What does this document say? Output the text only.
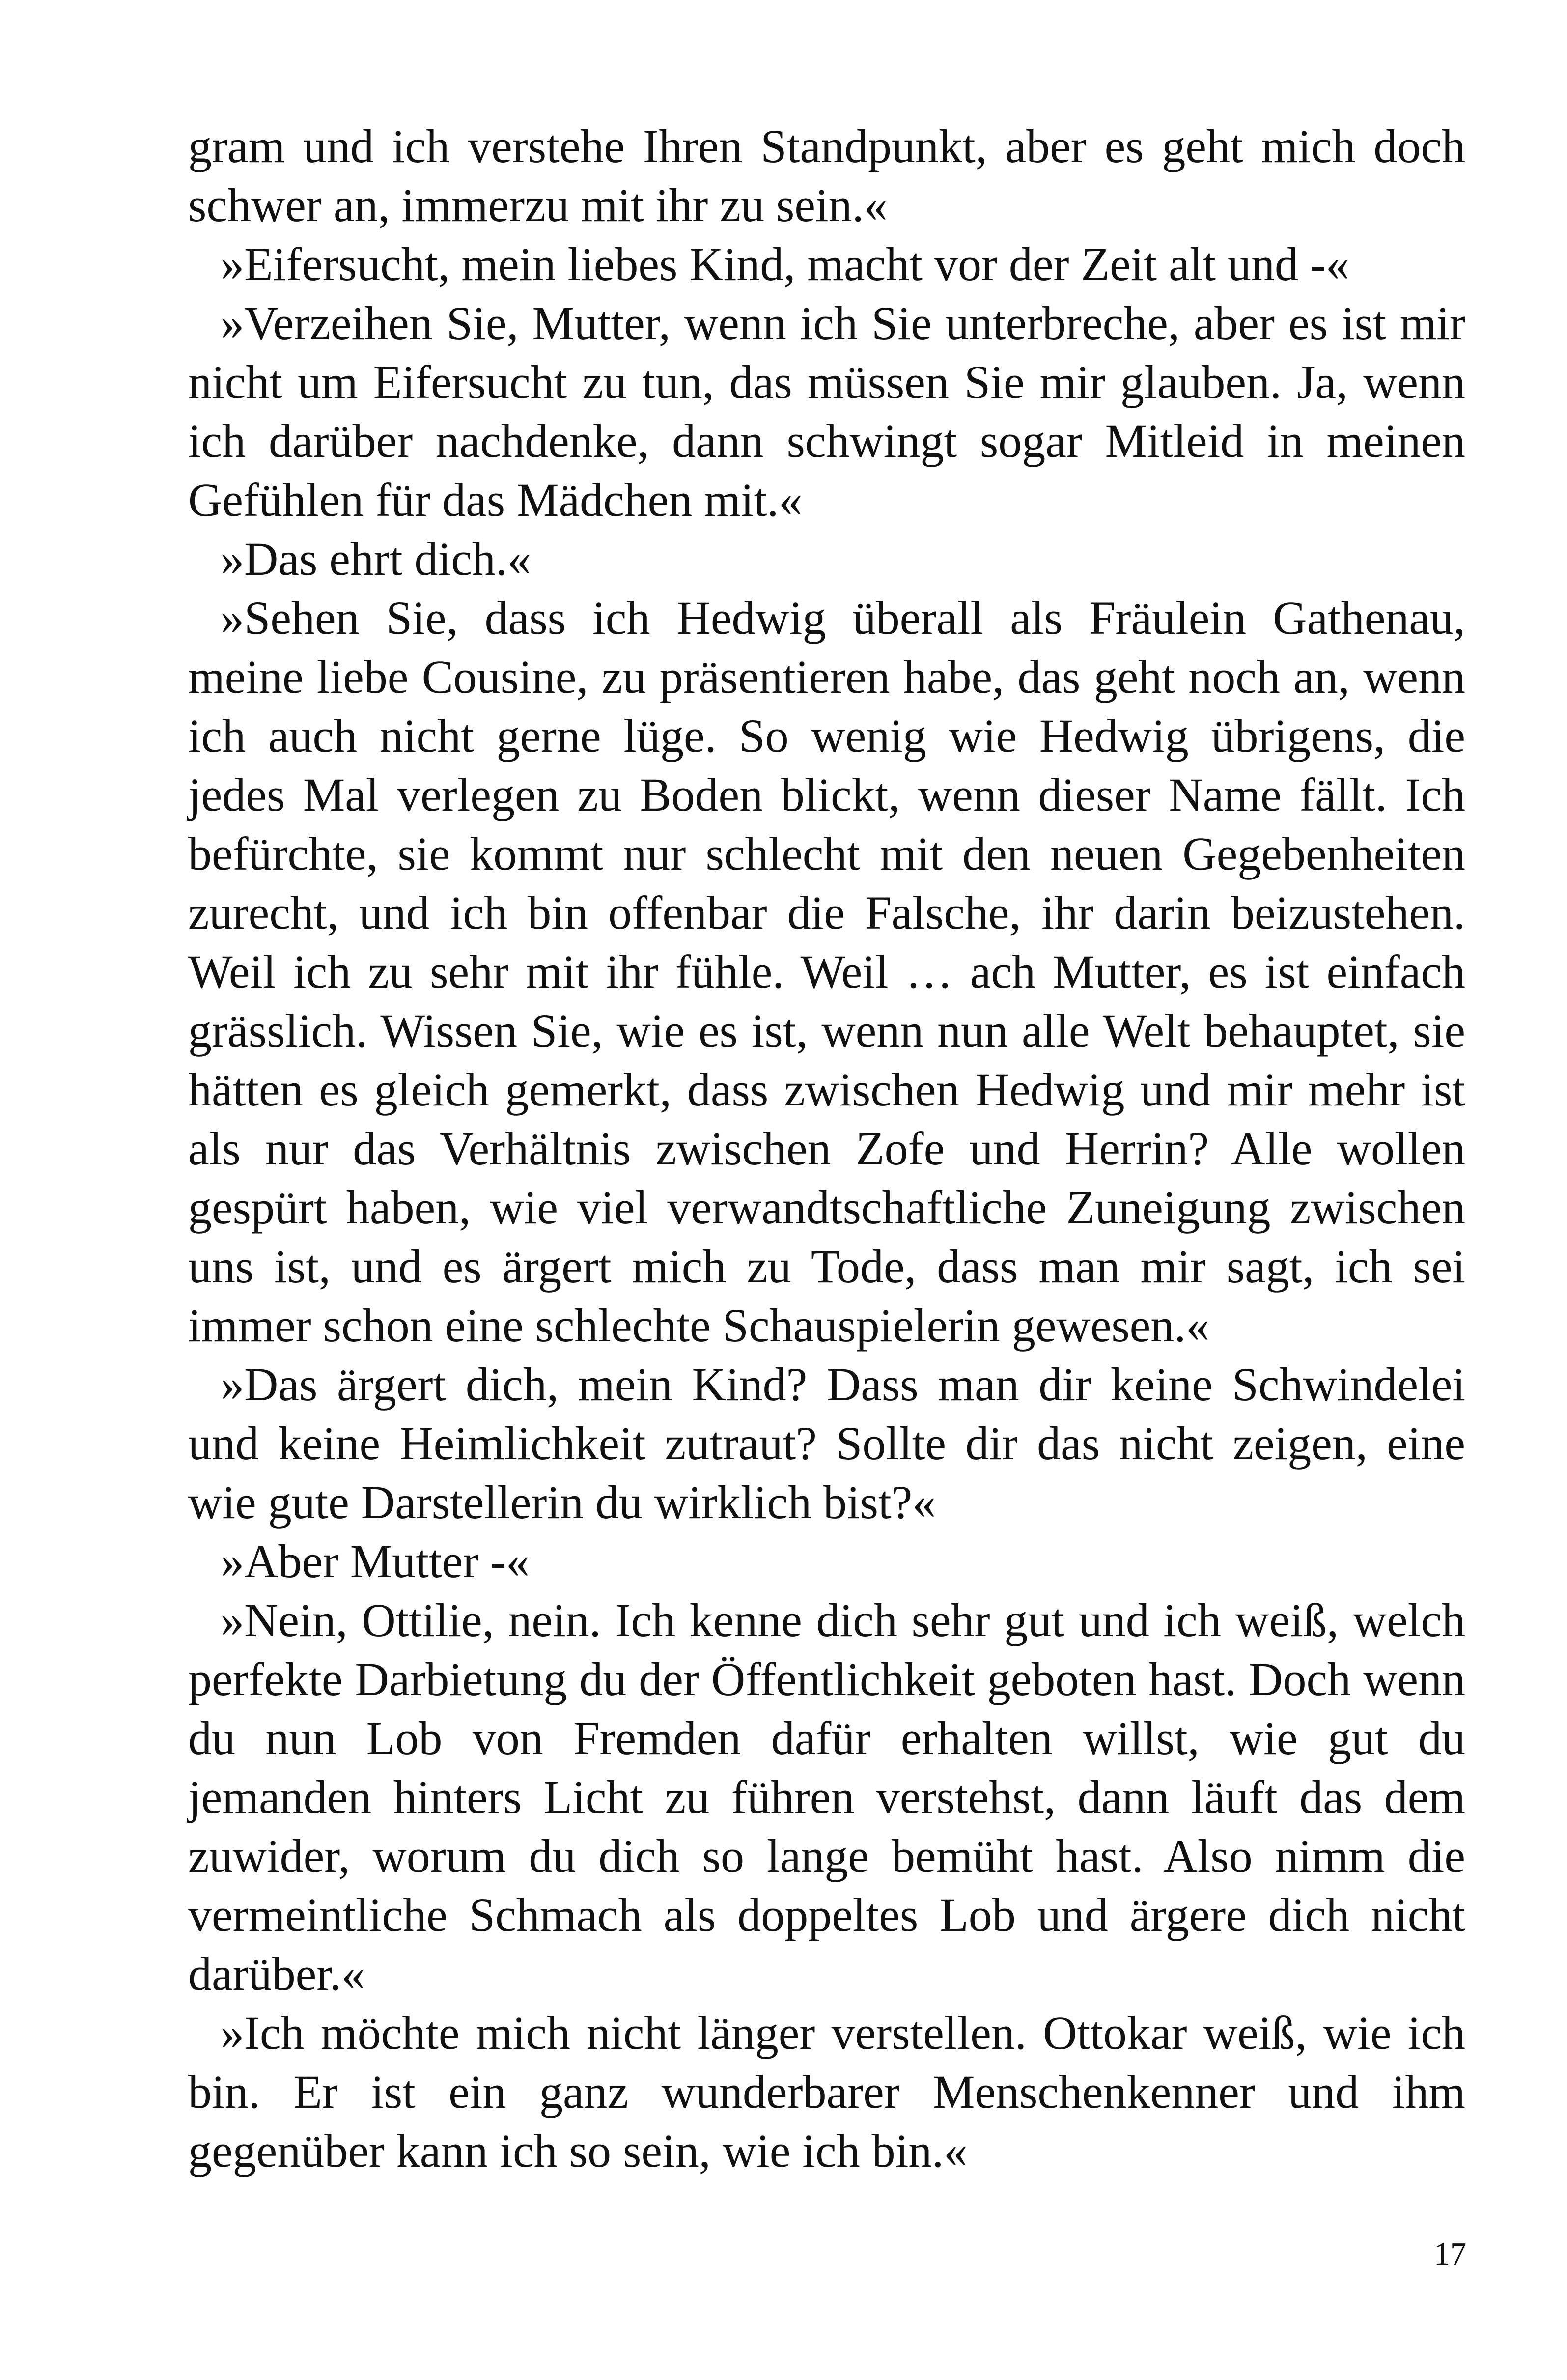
gram und ich verstehe Ihren Standpunkt, aber es geht mich doch schwer an, immerzu mit ihr zu sein.«

»Eifersucht, mein liebes Kind, macht vor der Zeit alt und -«

»Verzeihen Sie, Mutter, wenn ich Sie unterbreche, aber es ist mir nicht um Eifersucht zu tun, das müssen Sie mir glauben. Ja, wenn ich darüber nachdenke, dann schwingt sogar Mitleid in meinen Gefühlen für das Mädchen mit.«

»Das ehrt dich.«

»Sehen Sie, dass ich Hedwig überall als Fräulein Gathenau, meine liebe Cousine, zu präsentieren habe, das geht noch an, wenn ich auch nicht gerne lüge. So wenig wie Hedwig übrigens, die jedes Mal verlegen zu Boden blickt, wenn dieser Name fällt. Ich befürchte, sie kommt nur schlecht mit den neuen Gegebenheiten zurecht, und ich bin offenbar die Falsche, ihr darin beizustehen. Weil ich zu sehr mit ihr fühle. Weil … ach Mutter, es ist einfach grässlich. Wissen Sie, wie es ist, wenn nun alle Welt behauptet, sie hätten es gleich gemerkt, dass zwischen Hedwig und mir mehr ist als nur das Verhältnis zwischen Zofe und Herrin? Alle wollen gespürt haben, wie viel verwandtschaftliche Zuneigung zwischen uns ist, und es ärgert mich zu Tode, dass man mir sagt, ich sei immer schon eine schlechte Schauspielerin gewesen.«

»Das ärgert dich, mein Kind? Dass man dir keine Schwindelei und keine Heimlichkeit zutraut? Sollte dir das nicht zeigen, eine wie gute Darstellerin du wirklich bist?«

»Aber Mutter -«

»Nein, Ottilie, nein. Ich kenne dich sehr gut und ich weiß, welch perfekte Darbietung du der Öffentlichkeit geboten hast. Doch wenn du nun Lob von Fremden dafür erhalten willst, wie gut du jemanden hinters Licht zu führen verstehst, dann läuft das dem zuwider, worum du dich so lange bemüht hast. Also nimm die vermeintliche Schmach als doppeltes Lob und ärgere dich nicht darüber.«

»Ich möchte mich nicht länger verstellen. Ottokar weiß, wie ich bin. Er ist ein ganz wunderbarer Menschenkenner und ihm gegenüber kann ich so sein, wie ich bin.«

17
